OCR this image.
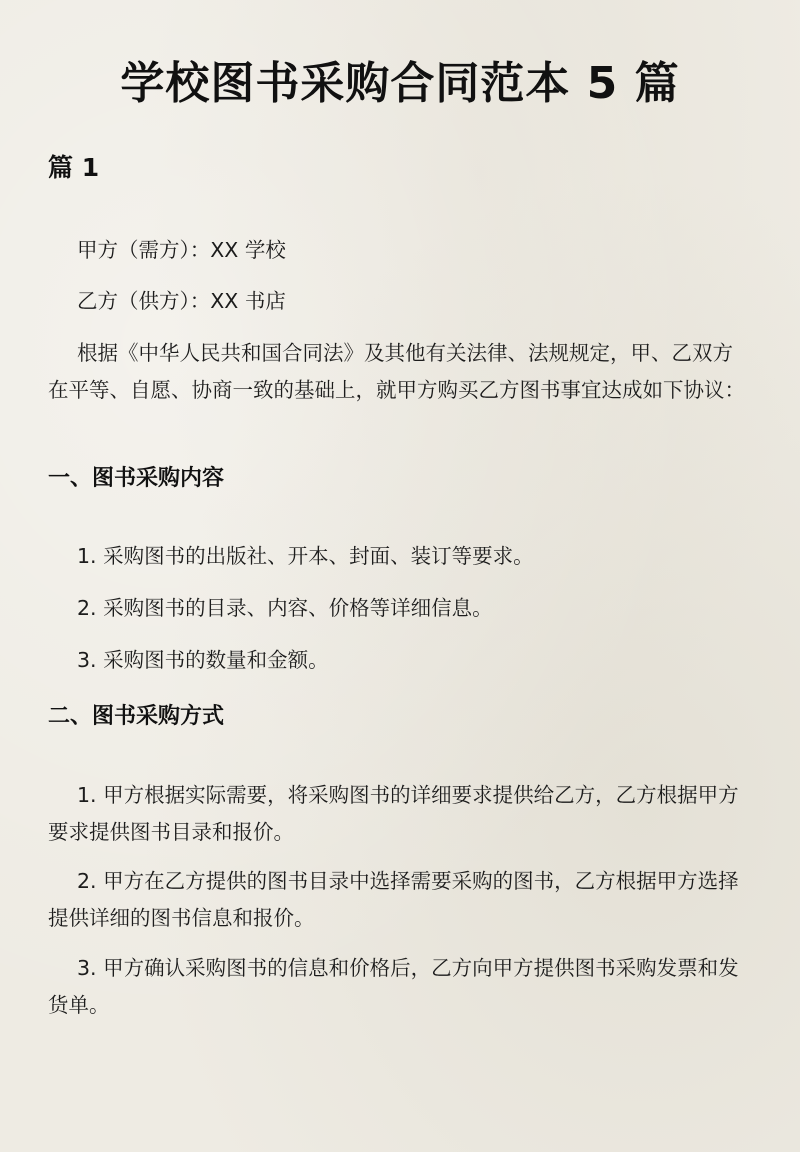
学校图书采购合同范本 5 篇
篇 1

甲方（需方）：XX 学校

乙方（供方）：XX 书店

根据《中华人民共和国合同法》及其他有关法律、法规规定，甲、乙双方在平等、自愿、协商一致的基础上，就甲方购买乙方图书事宜达成如下协议：

一、图书采购内容

1. 采购图书的出版社、开本、封面、装订等要求。

2. 采购图书的目录、内容、价格等详细信息。

3. 采购图书的数量和金额。

二、图书采购方式

1. 甲方根据实际需要，将采购图书的详细要求提供给乙方，乙方根据甲方要求提供图书目录和报价。

2. 甲方在乙方提供的图书目录中选择需要采购的图书，乙方根据甲方选择提供详细的图书信息和报价。

3. 甲方确认采购图书的信息和价格后，乙方向甲方提供图书采购发票和发货单。
